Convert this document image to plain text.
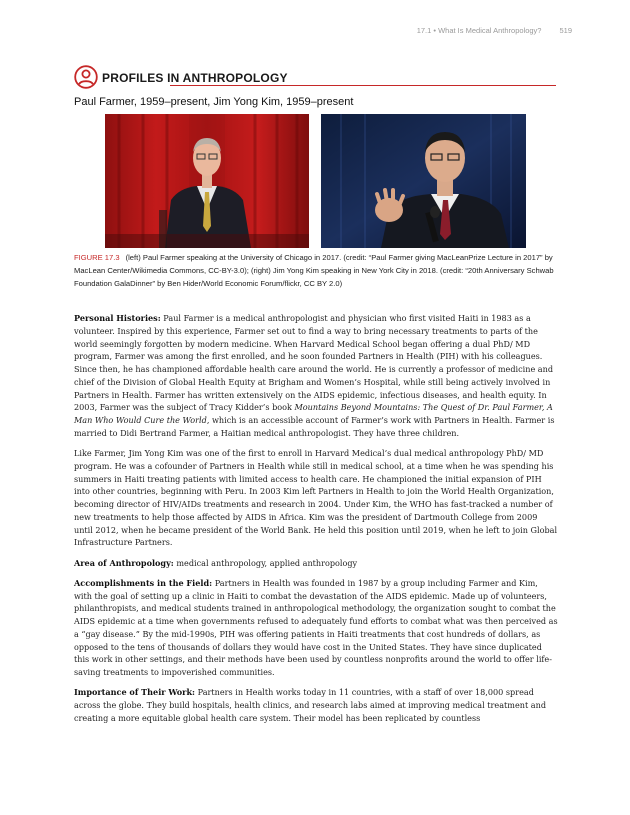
17.1 • What Is Medical Anthropology? 519
PROFILES IN ANTHROPOLOGY
Paul Farmer, 1959–present, Jim Yong Kim, 1959–present
FIGURE 17.3 (left) Paul Farmer speaking at the University of Chicago in 2017. (credit: “Paul Farmer giving MacLeanPrize Lecture in 2017” by MacLean Center/Wikimedia Commons, CC-BY-3.0); (right) Jim Yong Kim speaking in New York City in 2018. (credit: “20th Anniversary Schwab Foundation GalaDinner” by Ben Hider/World Economic Forum/flickr, CC BY 2.0)

Personal Histories: Paul Farmer is a medical anthropologist and physician who first visited Haiti in 1983 as a volunteer. Inspired by this experience, Farmer set out to find a way to bring necessary treatments to parts of the world seemingly forgotten by modern medicine. When Harvard Medical School began offering a dual PhD/ MD program, Farmer was among the first enrolled, and he soon founded Partners in Health (PIH) with his colleagues. Since then, he has championed affordable health care around the world. He is currently a professor of medicine and chief of the Division of Global Health Equity at Brigham and Women’s Hospital, while still being actively involved in Partners in Health. Farmer has written extensively on the AIDS epidemic, infectious diseases, and health equity. In 2003, Farmer was the subject of Tracy Kidder’s book Mountains Beyond Mountains: The Quest of Dr. Paul Farmer, A Man Who Would Cure the World, which is an accessible account of Farmer’s work with Partners in Health. Farmer is married to Didi Bertrand Farmer, a Haitian medical anthropologist. They have three children.

Like Farmer, Jim Yong Kim was one of the first to enroll in Harvard Medical’s dual medical anthropology PhD/ MD program. He was a cofounder of Partners in Health while still in medical school, at a time when he was spending his summers in Haiti treating patients with limited access to health care. He championed the initial expansion of PIH into other countries, beginning with Peru. In 2003 Kim left Partners in Health to join the World Health Organization, becoming director of HIV/AIDs treatments and research in 2004. Under Kim, the WHO has fast-tracked a number of new treatments to help those affected by AIDS in Africa. Kim was the president of Dartmouth College from 2009 until 2012, when he became president of the World Bank. He held this position until 2019, when he left to join Global Infrastructure Partners.

Area of Anthropology: medical anthropology, applied anthropology

Accomplishments in the Field: Partners in Health was founded in 1987 by a group including Farmer and Kim, with the goal of setting up a clinic in Haiti to combat the devastation of the AIDS epidemic. Made up of volunteers, philanthropists, and medical students trained in anthropological methodology, the organization sought to combat the AIDS epidemic at a time when governments refused to adequately fund efforts to combat what was then perceived as a “gay disease.” By the mid-1990s, PIH was offering patients in Haiti treatments that cost hundreds of dollars, as opposed to the tens of thousands of dollars they would have cost in the United States. They have since duplicated this work in other settings, and their methods have been used by countless nonprofits around the world to offer life-saving treatments to impoverished communities.

Importance of Their Work: Partners in Health works today in 11 countries, with a staff of over 18,000 spread across the globe. They build hospitals, health clinics, and research labs aimed at improving medical treatment and creating a more equitable global health care system. Their model has been replicated by countless
